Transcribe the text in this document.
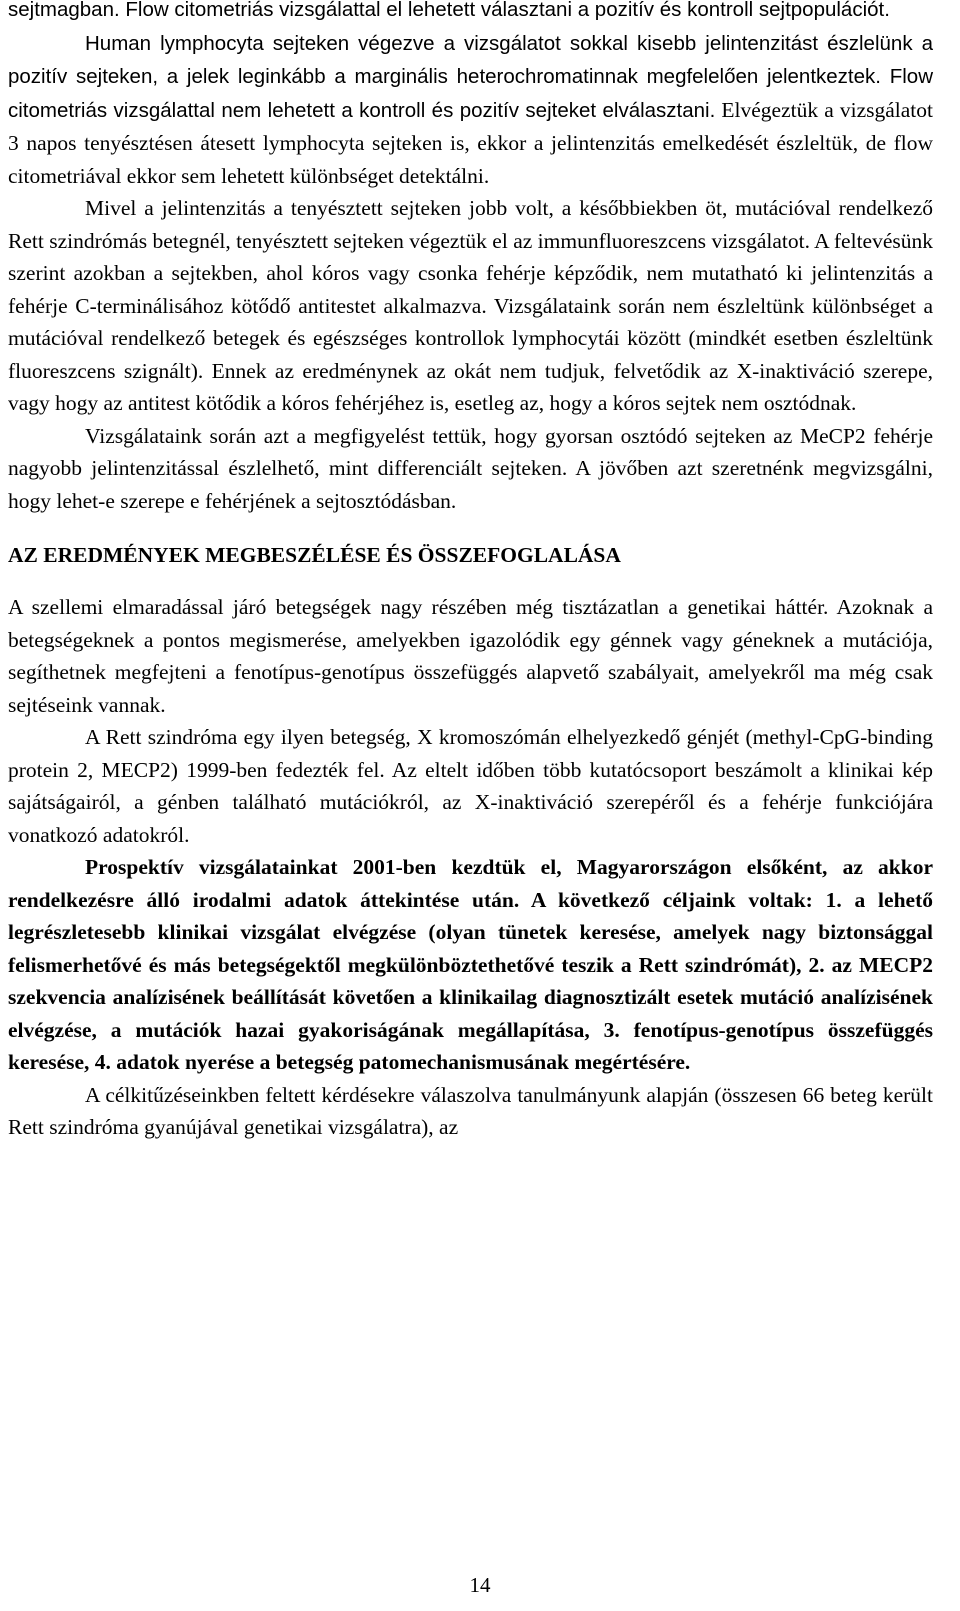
sejtmagban. Flow citometriás vizsgálattal el lehetett választani a pozitív és kontroll sejtpopulációt.

Human lymphocyta sejteken végezve a vizsgálatot sokkal kisebb jelintenzitást észlelünk a pozitív sejteken, a jelek leginkább a marginális heterochromatinnak megfelelően jelentkeztek. Flow citometriás vizsgálattal nem lehetett a kontroll és pozitív sejteket elválasztani. Elvégeztük a vizsgálatot 3 napos tenyésztésen átesett lymphocyta sejteken is, ekkor a jelintenzitás emelkedését észleltük, de flow citometriával ekkor sem lehetett különbséget detektálni.

Mivel a jelintenzitás a tenyésztett sejteken jobb volt, a későbbiekben öt, mutációval rendelkező Rett szindrómás betegnél, tenyésztett sejteken végeztük el az immunfluoreszcens vizsgálatot. A feltevésünk szerint azokban a sejtekben, ahol kóros vagy csonka fehérje képződik, nem mutatható ki jelintenzitás a fehérje C-terminálisához kötődő antitestet alkalmazva. Vizsgálataink során nem észleltünk különbséget a mutációval rendelkező betegek és egészséges kontrollok lymphocytái között (mindkét esetben észleltünk fluoreszcens szignált). Ennek az eredménynek az okát nem tudjuk, felvetődik az X-inaktiváció szerepe, vagy hogy az antitest kötődik a kóros fehérjéhez is, esetleg az, hogy a kóros sejtek nem osztódnak.

Vizsgálataink során azt a megfigyelést tettük, hogy gyorsan osztódó sejteken az MeCP2 fehérje nagyobb jelintenzitással észlelhető, mint differenciált sejteken. A jövőben azt szeretnénk megvizsgálni, hogy lehet-e szerepe e fehérjének a sejtosztódásban.

AZ EREDMÉNYEK MEGBESZÉLÉSE ÉS ÖSSZEFOGLALÁSA

A szellemi elmaradással járó betegségek nagy részében még tisztázatlan a genetikai háttér. Azoknak a betegségeknek a pontos megismerése, amelyekben igazolódik egy génnek vagy géneknek a mutációja, segíthetnek megfejteni a fenotípus-genotípus összefüggés alapvető szabályait, amelyekről ma még csak sejtéseink vannak.

A Rett szindróma egy ilyen betegség, X kromoszómán elhelyezkedő génjét (methyl-CpG-binding protein 2, MECP2) 1999-ben fedezték fel. Az eltelt időben több kutatócsoport beszámolt a klinikai kép sajátságairól, a génben található mutációkról, az X-inaktiváció szerepéről és a fehérje funkciójára vonatkozó adatokról.

Prospektív vizsgálatainkat 2001-ben kezdtük el, Magyarországon elsőként, az akkor rendelkezésre álló irodalmi adatok áttekintése után. A következő céljaink voltak: 1. a lehető legrészletesebb klinikai vizsgálat elvégzése (olyan tünetek keresése, amelyek nagy biztonsággal felismerhetővé és más betegségektől megkülönböztethetővé teszik a Rett szindrómát), 2. az MECP2 szekvencia analízisének beállítását követően a klinikailag diagnosztizált esetek mutáció analízisének elvégzése, a mutációk hazai gyakoriságának megállapítása, 3. fenotípus-genotípus összefüggés keresése, 4. adatok nyerése a betegség patomechanismusának megértésére.

A célkitűzéseinkben feltett kérdésekre válaszolva tanulmányunk alapján (összesen 66 beteg került Rett szindróma gyanújával genetikai vizsgálatra), az

14
